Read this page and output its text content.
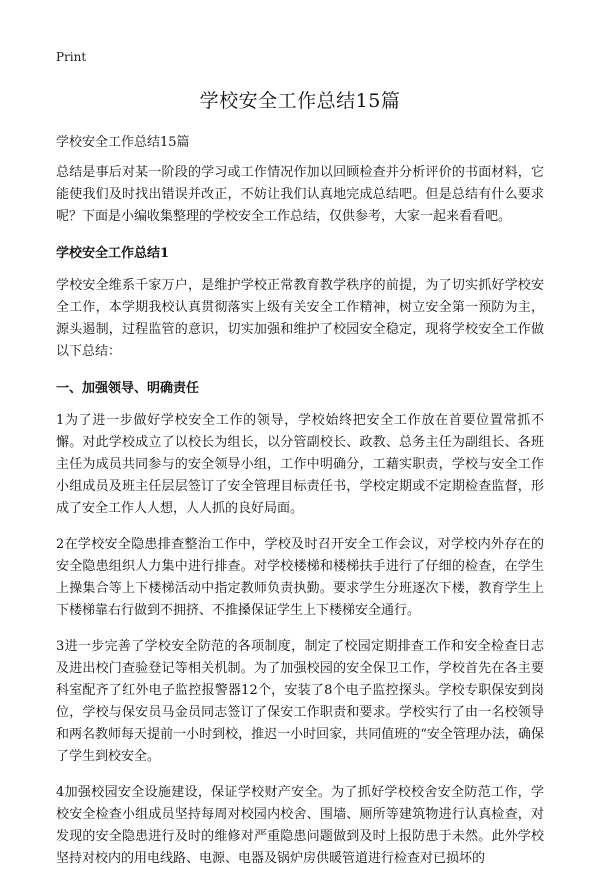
Print
学校安全工作总结15篇
学校安全工作总结15篇

总结是事后对某一阶段的学习或工作情况作加以回顾检查并分析评价的书面材料，它能使我们及时找出错误并改正，不妨让我们认真地完成总结吧。但是总结有什么要求呢？下面是小编收集整理的学校安全工作总结，仅供参考，大家一起来看看吧。

学校安全工作总结1

学校安全维系千家万户，是维护学校正常教育教学秩序的前提，为了切实抓好学校安全工作，本学期我校认真贯彻落实上级有关安全工作精神，树立安全第一预防为主，源头遏制，过程监管的意识，切实加强和维护了校园安全稳定，现将学校安全工作做以下总结：

一、加强领导、明确责任

1为了进一步做好学校安全工作的领导，学校始终把安全工作放在首要位置常抓不懈。对此学校成立了以校长为组长，以分管副校长、政教、总务主任为副组长、各班主任为成员共同参与的安全领导小组，工作中明确分，工藉实职责，学校与安全工作小组成员及班主任层层签订了安全管理目标责任书，学校定期或不定期检查监督，形成了安全工作人人想，人人抓的良好局面。

2在学校安全隐患排查整治工作中，学校及时召开安全工作会议，对学校内外存在的安全隐患组织人力集中进行排查。对学校楼梯和楼梯扶手进行了仔细的检查，在学生上操集合等上下楼梯活动中指定教师负责执勤。要求学生分班逐次下楼，教育学生上下楼梯靠右行做到不拥挤、不推搡保证学生上下楼梯安全通行。

3进一步完善了学校安全防范的各项制度，制定了校园定期排查工作和安全检查日志及进出校门查验登记等相关机制。为了加强校园的安全保卫工作，学校首先在各主要科室配齐了红外电子监控报警器12个，安装了8个电子监控探头。学校专职保安到岗位，学校与保安员马金员同志签订了保安工作职责和要求。学校实行了由一名校领导和两名教师每天提前一小时到校，推迟一小时回家，共同值班的“安全管理办法，确保了学生到校安全。

4加强校园安全设施建设，保证学校财产安全。为了抓好学校校舍安全防范工作，学校安全检查小组成员坚持每周对校园内校舍、围墙、厕所等建筑物进行认真检查，对发现的安全隐患进行及时的维修对严重隐患问题做到及时上报防患于未然。此外学校坚持对校内的用电线路、电源、电器及锅炉房供暖管道进行检查对已损坏的
